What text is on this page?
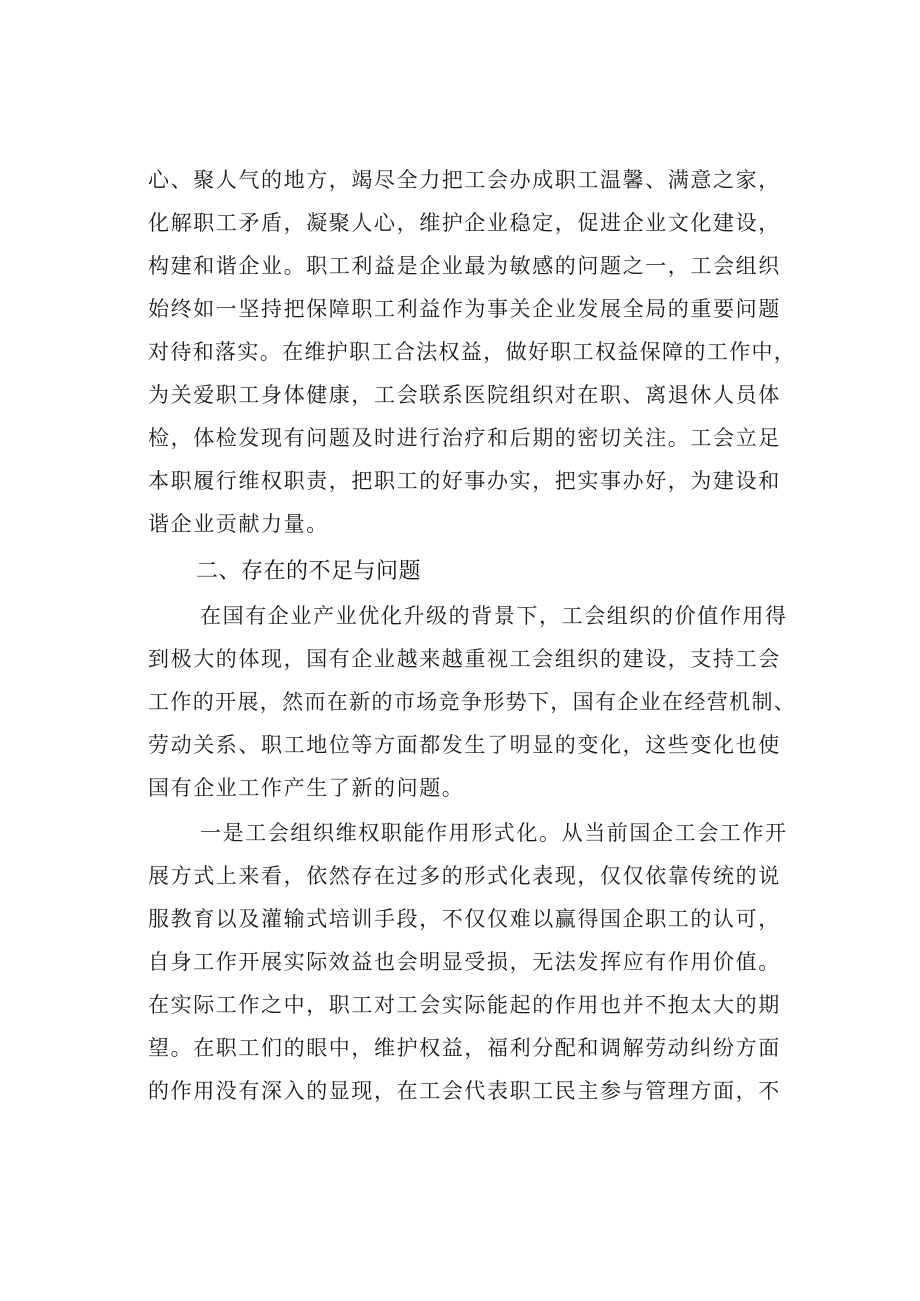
心、聚人气的地方，竭尽全力把工会办成职工温馨、满意之家，
化解职工矛盾，凝聚人心，维护企业稳定，促进企业文化建设，
构建和谐企业。职工利益是企业最为敏感的问题之一，工会组织
始终如一坚持把保障职工利益作为事关企业发展全局的重要问题
对待和落实。在维护职工合法权益，做好职工权益保障的工作中，
为关爱职工身体健康，工会联系医院组织对在职、离退休人员体
检，体检发现有问题及时进行治疗和后期的密切关注。工会立足
本职履行维权职责，把职工的好事办实，把实事办好，为建设和
谐企业贡献力量。
二、存在的不足与问题
在国有企业产业优化升级的背景下，工会组织的价值作用得
到极大的体现，国有企业越来越重视工会组织的建设，支持工会
工作的开展，然而在新的市场竞争形势下，国有企业在经营机制、
劳动关系、职工地位等方面都发生了明显的变化，这些变化也使
国有企业工作产生了新的问题。
一是工会组织维权职能作用形式化。从当前国企工会工作开
展方式上来看，依然存在过多的形式化表现，仅仅依靠传统的说
服教育以及灌输式培训手段，不仅仅难以赢得国企职工的认可，
自身工作开展实际效益也会明显受损，无法发挥应有作用价值。
在实际工作之中，职工对工会实际能起的作用也并不抱太大的期
望。在职工们的眼中，维护权益，福利分配和调解劳动纠纷方面
的作用没有深入的显现，在工会代表职工民主参与管理方面，不
